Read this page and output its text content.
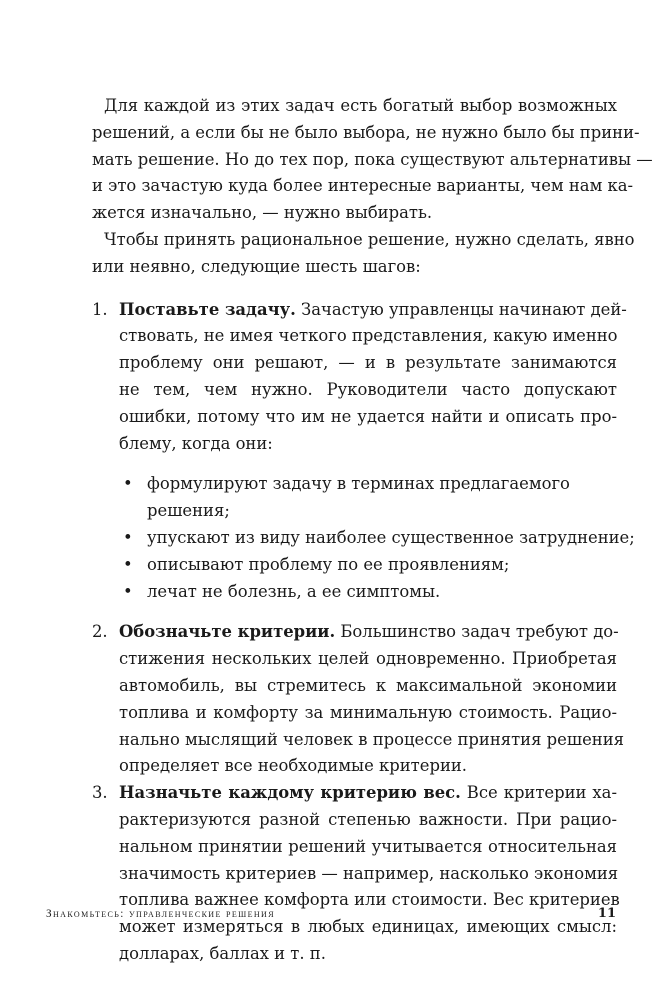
Для каждой из этих задач есть богатый выбор возможных
решений, а если бы не было выбора, не нужно было бы прини-
мать решение. Но до тех пор, пока существуют альтернативы —
и это зачастую куда более интересные варианты, чем нам ка-
жется изначально, — нужно выбирать.
Чтобы принять рациональное решение, нужно сделать, явно
или неявно, следующие шесть шагов:
1. Поставьте задачу. Зачастую управленцы начинают дей-
ствовать, не имея четкого представления, какую именно
проблему они решают, — и в результате занимаются
не тем, чем нужно. Руководители часто допускают
ошибки, потому что им не удается найти и описать про-
блему, когда они:
• формулируют задачу в терминах предлагаемого
решения;
• упускают из виду наиболее существенное затруднение;
• описывают проблему по ее проявлениям;
• лечат не болезнь, а ее симптомы.
2. Обозначьте критерии. Большинство задач требуют до-
стижения нескольких целей одновременно. Приобретая
автомобиль, вы стремитесь к максимальной экономии
топлива и комфорту за минимальную стоимость. Рацио-
нально мыслящий человек в процессе принятия решения
определяет все необходимые критерии.
3. Назначьте каждому критерию вес. Все критерии ха-
рактеризуются разной степенью важности. При рацио-
нальном принятии решений учитывается относительная
значимость критериев — например, насколько экономия
топлива важнее комфорта или стоимости. Вес критериев
может измеряться в любых единицах, имеющих смысл:
долларах, баллах и т. п.
Знакомьтесь: управленческие решения	11
